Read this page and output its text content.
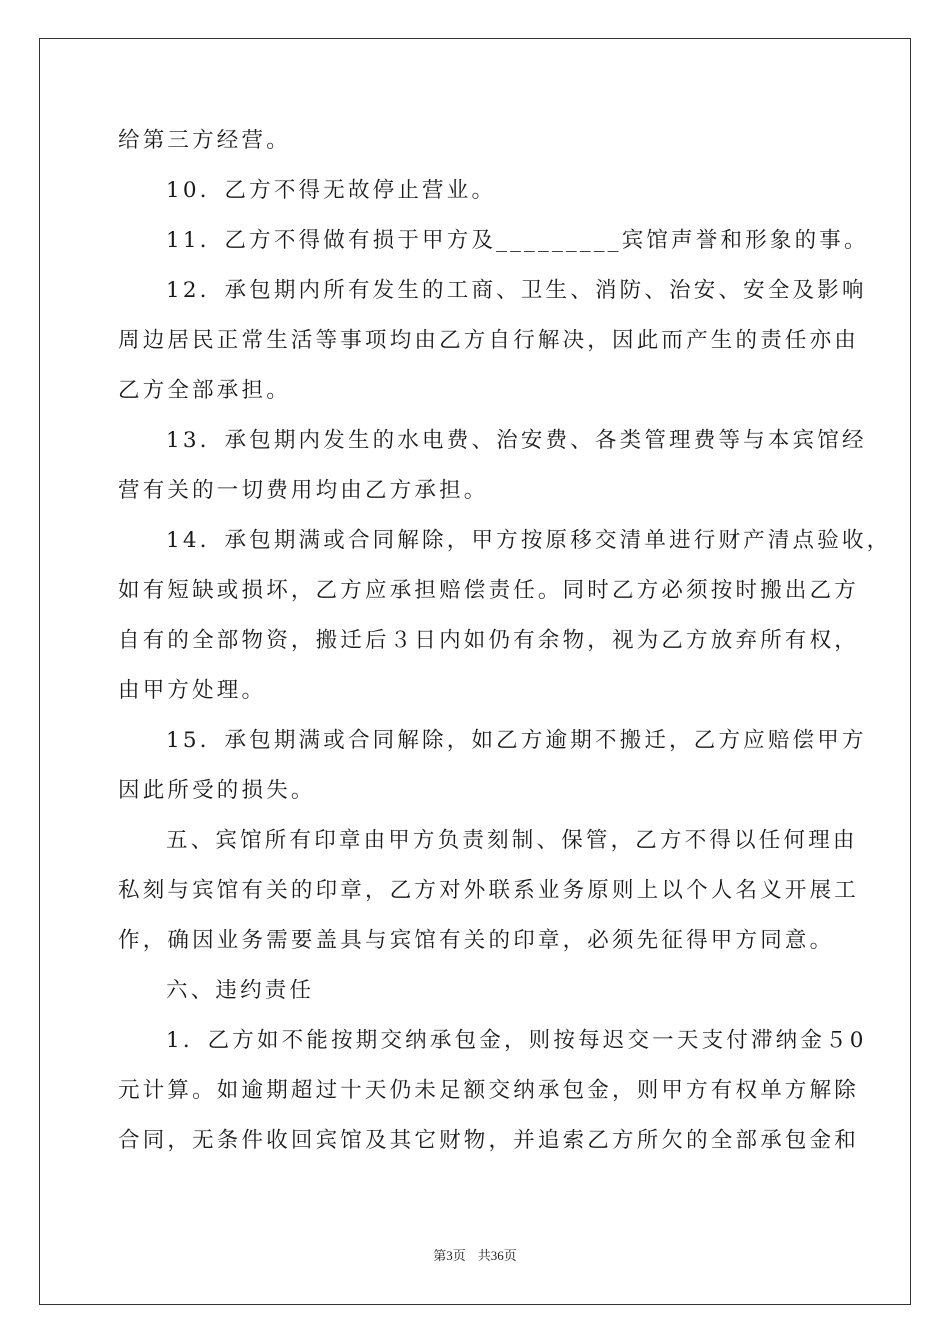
给第三方经营。
10．乙方不得无故停止营业。
11．乙方不得做有损于甲方及_________宾馆声誉和形象的事。
12．承包期内所有发生的工商、卫生、消防、治安、安全及影响
周边居民正常生活等事项均由乙方自行解决，因此而产生的责任亦由
乙方全部承担。
13．承包期内发生的水电费、治安费、各类管理费等与本宾馆经
营有关的一切费用均由乙方承担。
14．承包期满或合同解除，甲方按原移交清单进行财产清点验收，
如有短缺或损坏，乙方应承担赔偿责任。同时乙方必须按时搬出乙方
自有的全部物资，搬迁后３日内如仍有余物，视为乙方放弃所有权，
由甲方处理。
15．承包期满或合同解除，如乙方逾期不搬迁，乙方应赔偿甲方
因此所受的损失。
五、宾馆所有印章由甲方负责刻制、保管，乙方不得以任何理由
私刻与宾馆有关的印章，乙方对外联系业务原则上以个人名义开展工
作，确因业务需要盖具与宾馆有关的印章，必须先征得甲方同意。
六、违约责任
1．乙方如不能按期交纳承包金，则按每迟交一天支付滞纳金５0
元计算。如逾期超过十天仍未足额交纳承包金，则甲方有权单方解除
合同，无条件收回宾馆及其它财物，并追索乙方所欠的全部承包金和
第3页 共36页
